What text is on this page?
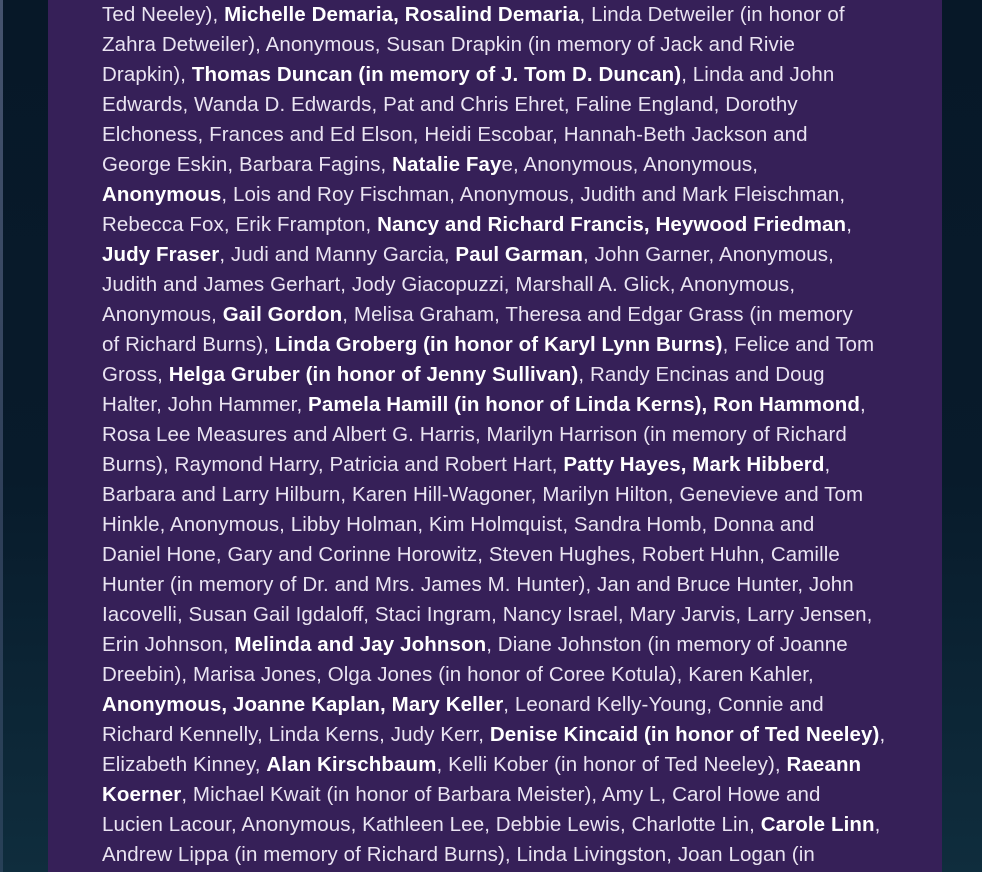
Ted Neeley), Michelle Demaria, Rosalind Demaria, Linda Detweiler (in honor of
Zahra Detweiler), Anonymous, Susan Drapkin (in memory of Jack and Rivie
Drapkin), Thomas Duncan (in memory of J. Tom D. Duncan), Linda and John
Edwards, Wanda D. Edwards, Pat and Chris Ehret, Faline England, Dorothy
Elchoness, Frances and Ed Elson, Heidi Escobar, Hannah-Beth Jackson and
George Eskin, Barbara Fagins, Natalie Faye, Anonymous, Anonymous,
Anonymous, Lois and Roy Fischman, Anonymous, Judith and Mark Fleischman,
Rebecca Fox, Erik Frampton, Nancy and Richard Francis, Heywood Friedman,
Judy Fraser, Judi and Manny Garcia, Paul Garman, John Garner, Anonymous,
Judith and James Gerhart, Jody Giacopuzzi, Marshall A. Glick, Anonymous,
Anonymous, Gail Gordon, Melisa Graham, Theresa and Edgar Grass (in memory
of Richard Burns), Linda Groberg (in honor of Karyl Lynn Burns), Felice and Tom
Gross, Helga Gruber (in honor of Jenny Sullivan), Randy Encinas and Doug
Halter, John Hammer, Pamela Hamill (in honor of Linda Kerns), Ron Hammond,
Rosa Lee Measures and Albert G. Harris, Marilyn Harrison (in memory of Richard
Burns), Raymond Harry, Patricia and Robert Hart, Patty Hayes, Mark Hibberd,
Barbara and Larry Hilburn, Karen Hill-Wagoner, Marilyn Hilton, Genevieve and Tom
Hinkle, Anonymous, Libby Holman, Kim Holmquist, Sandra Homb, Donna and
Daniel Hone, Gary and Corinne Horowitz, Steven Hughes, Robert Huhn, Camille
Hunter (in memory of Dr. and Mrs. James M. Hunter), Jan and Bruce Hunter, John
Iacovelli, Susan Gail Igdaloff, Staci Ingram, Nancy Israel, Mary Jarvis, Larry Jensen,
Erin Johnson, Melinda and Jay Johnson, Diane Johnston (in memory of Joanne
Dreebin), Marisa Jones, Olga Jones (in honor of Coree Kotula), Karen Kahler,
Anonymous, Joanne Kaplan, Mary Keller, Leonard Kelly-Young, Connie and
Richard Kennelly, Linda Kerns, Judy Kerr, Denise Kincaid (in honor of Ted Neeley),
Elizabeth Kinney, Alan Kirschbaum, Kelli Kober (in honor of Ted Neeley), Raeann
Koerner, Michael Kwait (in honor of Barbara Meister), Amy L, Carol Howe and
Lucien Lacour, Anonymous, Kathleen Lee, Debbie Lewis, Charlotte Lin, Carole Linn,
Andrew Lippa (in memory of Richard Burns), Linda Livingston, Joan Logan (in
